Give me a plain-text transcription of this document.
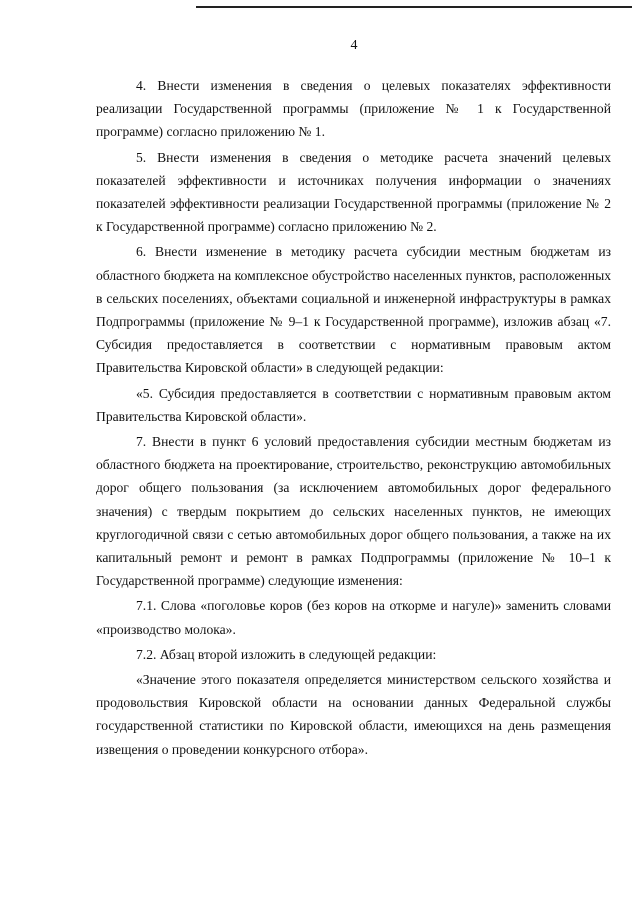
4

4. Внести изменения в сведения о целевых показателях эффективности реализации Государственной программы (приложение № 1 к Государственной программе) согласно приложению № 1.

5. Внести изменения в сведения о методике расчета значений целевых показателей эффективности и источниках получения информации о значениях показателей эффективности реализации Государственной программы (приложение № 2 к Государственной программе) согласно приложению № 2.

6. Внести изменение в методику расчета субсидии местным бюджетам из областного бюджета на комплексное обустройство населенных пунктов, расположенных в сельских поселениях, объектами социальной и инженерной инфраструктуры в рамках Подпрограммы (приложение № 9–1 к Государственной программе), изложив абзац «7. Субсидия предоставляется в соответствии с нормативным правовым актом Правительства Кировской области» в следующей редакции:

«5. Субсидия предоставляется в соответствии с нормативным правовым актом Правительства Кировской области».

7. Внести в пункт 6 условий предоставления субсидии местным бюджетам из областного бюджета на проектирование, строительство, реконструкцию автомобильных дорог общего пользования (за исключением автомобильных дорог федерального значения) с твердым покрытием до сельских населенных пунктов, не имеющих круглогодичной связи с сетью автомобильных дорог общего пользования, а также на их капитальный ремонт и ремонт в рамках Подпрограммы (приложение № 10–1 к Государственной программе) следующие изменения:

7.1. Слова «поголовье коров (без коров на откорме и нагуле)» заменить словами «производство молока».

7.2. Абзац второй изложить в следующей редакции:

«Значение этого показателя определяется министерством сельского хозяйства и продовольствия Кировской области на основании данных Федеральной службы государственной статистики по Кировской области, имеющихся на день размещения извещения о проведении конкурсного отбора».
